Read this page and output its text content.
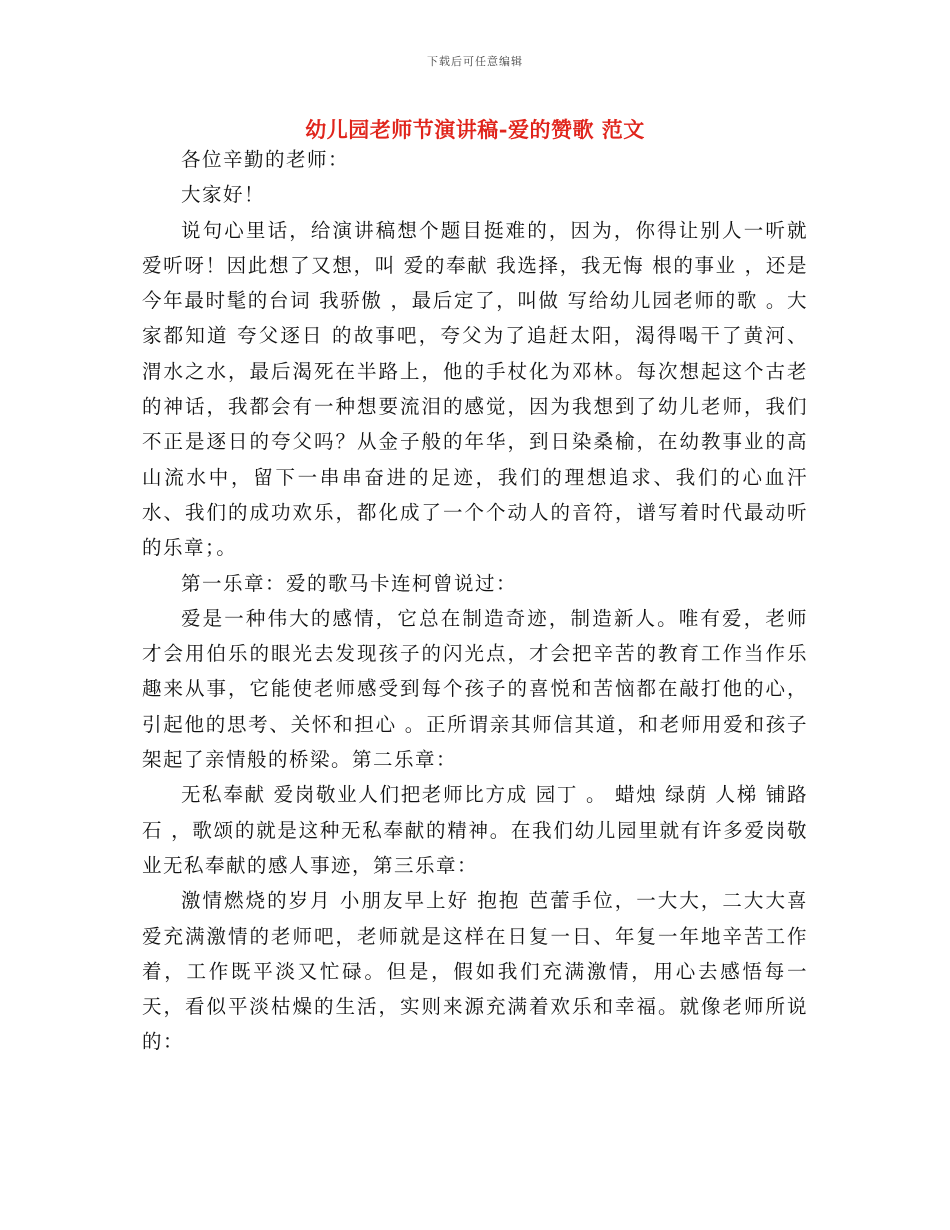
下载后可任意编辑
幼儿园老师节演讲稿-爱的赞歌 范文

各位辛勤的老师：

大家好！

说句心里话，给演讲稿想个题目挺难的，因为，你得让别人一听就爱听呀！因此想了又想，叫 爱的奉献 我选择，我无悔 根的事业 ，还是今年最时髦的台词 我骄傲 ，最后定了，叫做 写给幼儿园老师的歌 。大家都知道 夸父逐日 的故事吧，夸父为了追赶太阳，渴得喝干了黄河、渭水之水，最后渴死在半路上，他的手杖化为邓林。每次想起这个古老的神话，我都会有一种想要流泪的感觉，因为我想到了幼儿老师，我们不正是逐日的夸父吗？从金子般的年华，到日染桑榆，在幼教事业的高山流水中，留下一串串奋进的足迹，我们的理想追求、我们的心血汗水、我们的成功欢乐，都化成了一个个动人的音符，谱写着时代最动听的乐章；。

第一乐章：爱的歌马卡连柯曾说过：

爱是一种伟大的感情，它总在制造奇迹，制造新人。唯有爱，老师才会用伯乐的眼光去发现孩子的闪光点，才会把辛苦的教育工作当作乐趣来从事，它能使老师感受到每个孩子的喜悦和苦恼都在敲打他的心，引起他的思考、关怀和担心 。正所谓亲其师信其道，和老师用爱和孩子架起了亲情般的桥梁。第二乐章：

无私奉献 爱岗敬业人们把老师比方成 园丁 。 蜡烛 绿荫 人梯 铺路石 ，歌颂的就是这种无私奉献的精神。在我们幼儿园里就有许多爱岗敬业无私奉献的感人事迹，第三乐章：

激情燃烧的岁月 小朋友早上好 抱抱 芭蕾手位，一大大，二大大喜爱充满激情的老师吧，老师就是这样在日复一日、年复一年地辛苦工作着，工作既平淡又忙碌。但是，假如我们充满激情，用心去感悟每一天，看似平淡枯燥的生活，实则来源充满着欢乐和幸福。就像老师所说的：
